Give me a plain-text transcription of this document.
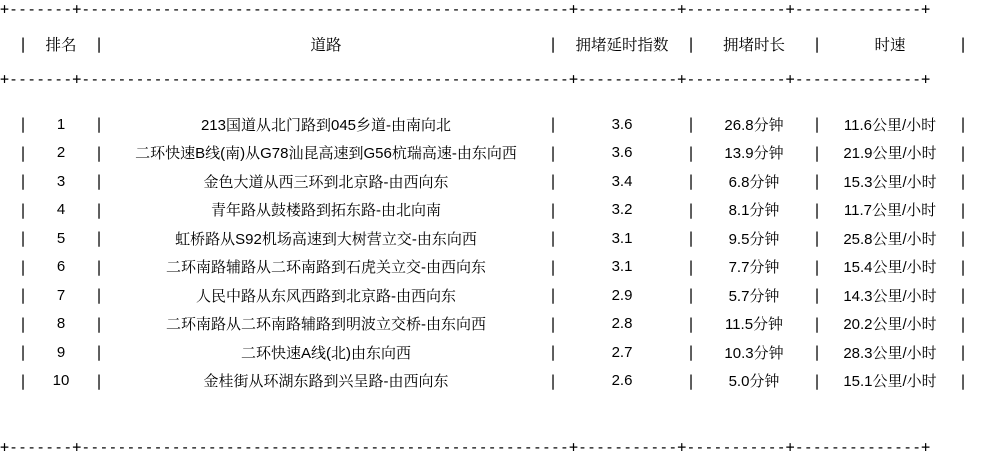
+-------+------------------------------------------------------+-----------+-----------+--------------+												
	|	排名	|	道路	|	拥堵延时指数	|	拥堵时长	|	时速	|	
+-------+------------------------------------------------------+-----------+-----------+--------------+												

	|	1	|	213国道从北门路到045乡道-由南向北	|	3.6	|	26.8分钟	|	11.6公里/小时	|	
	|	2	|	二环快速B线(南)从G78汕昆高速到G56杭瑞高速-由东向西	|	3.6	|	13.9分钟	|	21.9公里/小时	|	
	|	3	|	金色大道从西三环到北京路-由西向东	|	3.4	|	6.8分钟	|	15.3公里/小时	|	
	|	4	|	青年路从鼓楼路到拓东路-由北向南	|	3.2	|	8.1分钟	|	11.7公里/小时	|	
	|	5	|	虹桥路从S92机场高速到大树营立交-由东向西	|	3.1	|	9.5分钟	|	25.8公里/小时	|	
	|	6	|	二环南路辅路从二环南路到石虎关立交-由西向东	|	3.1	|	7.7分钟	|	15.4公里/小时	|	
	|	7	|	人民中路从东风西路到北京路-由西向东	|	2.9	|	5.7分钟	|	14.3公里/小时	|	
	|	8	|	二环南路从二环南路辅路到明波立交桥-由东向西	|	2.8	|	11.5分钟	|	20.2公里/小时	|	
	|	9	|	二环快速A线(北)由东向西	|	2.7	|	10.3分钟	|	28.3公里/小时	|	
	|	10	|	金桂街从环湖东路到兴呈路-由西向东	|	2.6	|	5.0分钟	|	15.1公里/小时	|	
+-------+------------------------------------------------------+-----------+-----------+--------------+
